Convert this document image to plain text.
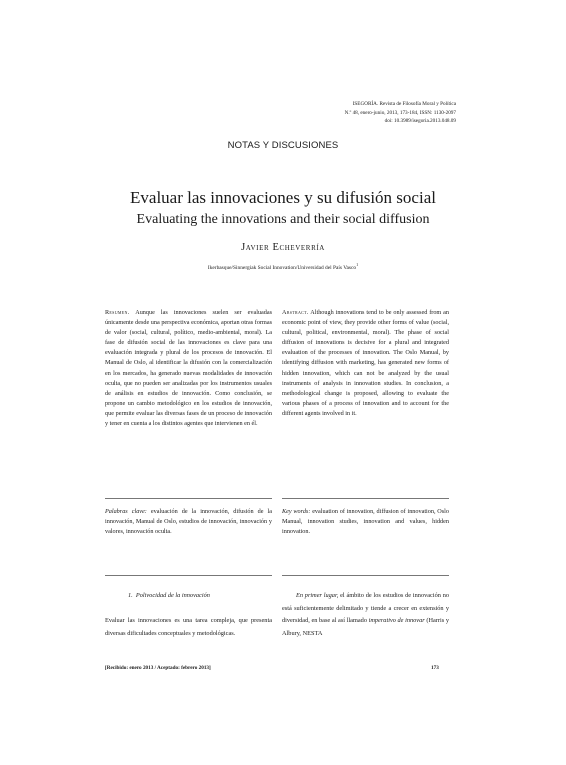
ISEGORÍA. Revista de Filosofía Moral y Política
N.º 48, enero-junio, 2013, 173-184, ISSN: 1130-2097
doi: 10.3989/isegoria.2013.048.09
NOTAS Y DISCUSIONES
Evaluar las innovaciones y su difusión social
Evaluating the innovations and their social diffusion
Javier Echeverría
Ikerbasque/Sinnergiak Social Innovation/Universidad del País Vasco$^1$
Resumen. Aunque las innovaciones suelen ser evaluadas únicamente desde una perspectiva económica, aportan otras formas de valor (social, cultural, político, medio-ambiental, moral). La fase de difusión social de las innovaciones es clave para una evaluación integrada y plural de los procesos de innovación. El Manual de Oslo, al identificar la difusión con la comercialización en los mercados, ha generado nuevas modalidades de innovación oculta, que no pueden ser analizadas por los instrumentos usuales de análisis en estudios de innovación. Como conclusión, se propone un cambio metodológico en los estudios de innovación, que permite evaluar las diversas fases de un proceso de innovación y tener en cuenta a los distintos agentes que intervienen en él.
Abstract. Although innovations tend to be only assessed from an economic point of view, they provide other forms of value (social, cultural, political, environmental, moral). The phase of social diffusion of innovations is decisive for a plural and integrated evaluation of the processes of innovation. The Oslo Manual, by identifying diffusion with marketing, has generated new forms of hidden innovation, which can not be analyzed by the usual instruments of analysis in innovation studies. In conclusion, a methodological change is proposed, allowing to evaluate the various phases of a process of innovation and to account for the different agents involved in it.
Palabras clave: evaluación de la innovación, difusión de la innovación, Manual de Oslo, estudios de innovación, innovación y valores, innovación oculta.
Key words: evaluation of innovation, diffusion of innovation, Oslo Manual, innovation studies, innovation and values, hidden innovation.
1. Polivocidad de la innovación
Evaluar las innovaciones es una tarea compleja, que presenta diversas dificultades conceptuales y metodológicas.
En primer lugar, el ámbito de los estudios de innovación no está suficientemente delimitado y tiende a crecer en extensión y diversidad, en base al así llamado imperativo de innovar (Harris y Albury, NESTA
[Recibido: enero 2013 / Aceptado: febrero 2013]	173
